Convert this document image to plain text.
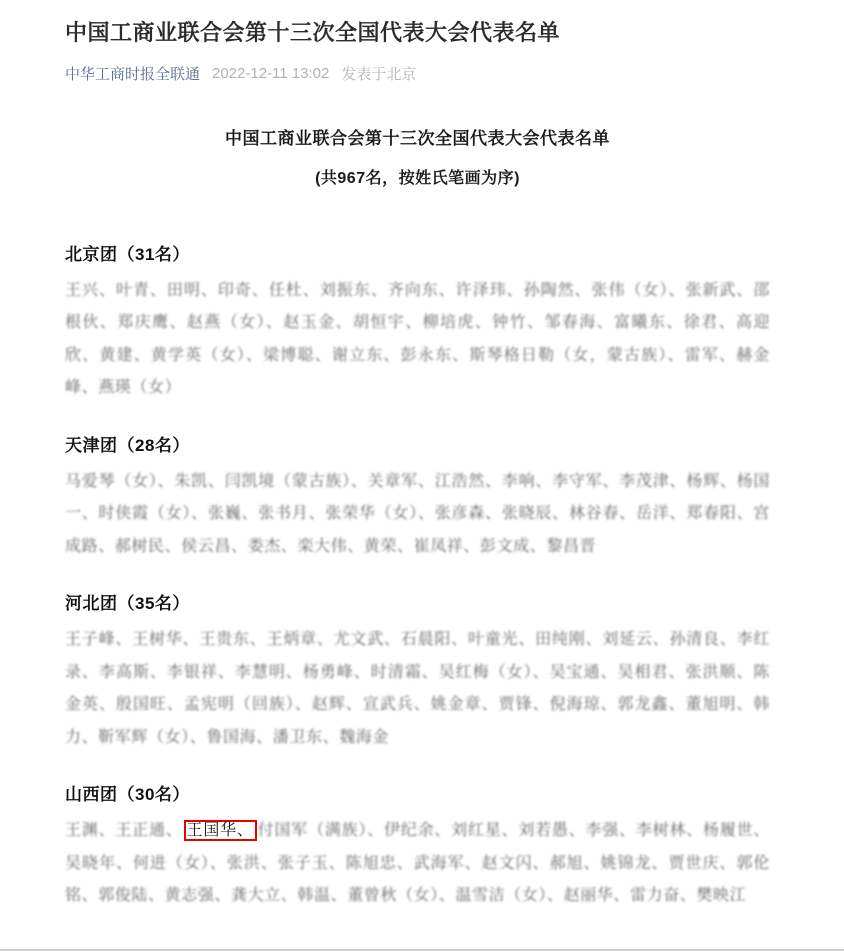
中国工商业联合会第十三次全国代表大会代表名单
中华工商时报全联通 2022-12-11 13:02 发表于北京
中国工商业联合会第十三次全国代表大会代表名单
(共967名，按姓氏笔画为序)
北京团（31名）

王兴、叶青、田明、印奇、任杜、刘振东、齐向东、许泽玮、孙陶然、张伟（女）、张新武、邵根伙、郑庆鹰、赵燕（女）、赵玉金、胡恒宇、柳培虎、钟竹、邹春海、富曦东、徐君、高迎欣、黄建、黄学英（女）、梁博聪、谢立东、彭永东、斯琴格日勒（女，蒙古族）、雷军、赫金峰、燕瑛（女）

天津团（28名）

马爱琴（女）、朱凯、闫凯境（蒙古族）、关章军、江浩然、李响、李守军、李茂津、杨辉、杨国一、时侠霞（女）、张巍、张书月、张荣华（女）、张彦森、张晓辰、林谷春、岳洋、郑春阳、宫成路、郝树民、侯云昌、娄杰、栾大伟、黄荣、崔凤祥、彭文成、黎昌晋

河北团（35名）

王子峰、王树华、王贵东、王炳章、尤文武、石晨阳、叶童光、田纯刚、刘延云、孙清良、李红录、李高斯、李银祥、李慧明、杨勇峰、时清霜、吴红梅（女）、吴宝通、吴相君、张洪顺、陈金英、殷国旺、孟宪明（回族）、赵辉、宣武兵、姚金章、贾锋、倪海琼、郭龙鑫、董旭明、韩力、靳军辉（女）、鲁国海、潘卫东、魏海金

山西团（30名）

王渊、王正通、 王国华、 付国军（满族）、伊纪余、刘红星、刘若愚、李强、李树林、杨履世、吴晓年、何进（女）、张洪、张子玉、陈旭忠、武海军、赵文闪、郝旭、姚锦龙、贾世庆、郭伦铭、郭俊陆、黄志强、龚大立、韩温、董曾秋（女）、温雪洁（女）、赵丽华、雷力奋、樊映江
